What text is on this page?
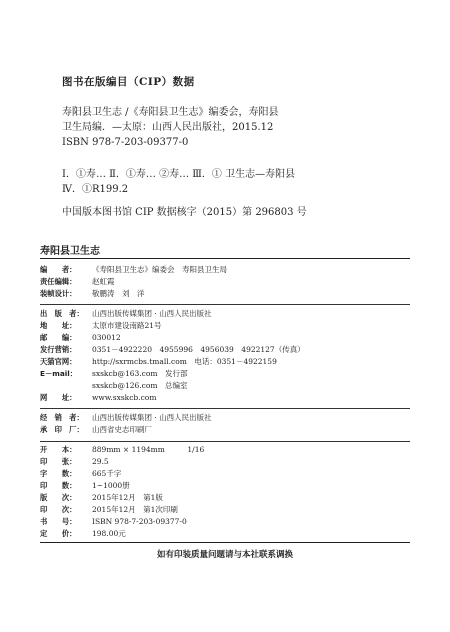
图书在版编目（CIP）数据
寿阳县卫生志 /《寿阳县卫生志》编委会，寿阳县
卫生局编．—太原：山西人民出版社，2015.12
ISBN 978-7-203-09377-0
Ⅰ．①寿… Ⅱ．①寿… ②寿… Ⅲ．① 卫生志—寿阳县
Ⅳ．①R199.2
中国版本图书馆 CIP 数据核字（2015）第 296803 号
寿阳县卫生志
编　　者：	《寿阳县卫生志》编委会　寿阳县卫生局
责任编辑：	赵虹霞
装帧设计：	敬鹏涛　刘　洋
出　版　者：	山西出版传媒集团 · 山西人民出版社
地　　址：	太原市建设南路21号
邮　　编：	030012
发行营销：	0351－4922220　4955996　4956039　4922127（传真）
天猫官网：	http://sxrmcbs.tmall.com　电话：0351－4922159
E－mail：	sxskcb@163.com　发行部
sxskcb@126.com　总编室
网　　址：	www.sxskcb.com
经　销　者：	山西出版传媒集团 · 山西人民出版社
承　印　厂：	山西省史志印刷厂
开　　本：	889mm × 1194mm　　　1/16
印　　张：	29.5
字　　数：	665千字
印　　数：	1~1000册
版　　次：	2015年12月　第1版
印　　次：	2015年12月　第1次印刷
书　　号：	ISBN 978-7-203-09377-0
定　　价：	198.00元
如有印装质量问题请与本社联系调换
